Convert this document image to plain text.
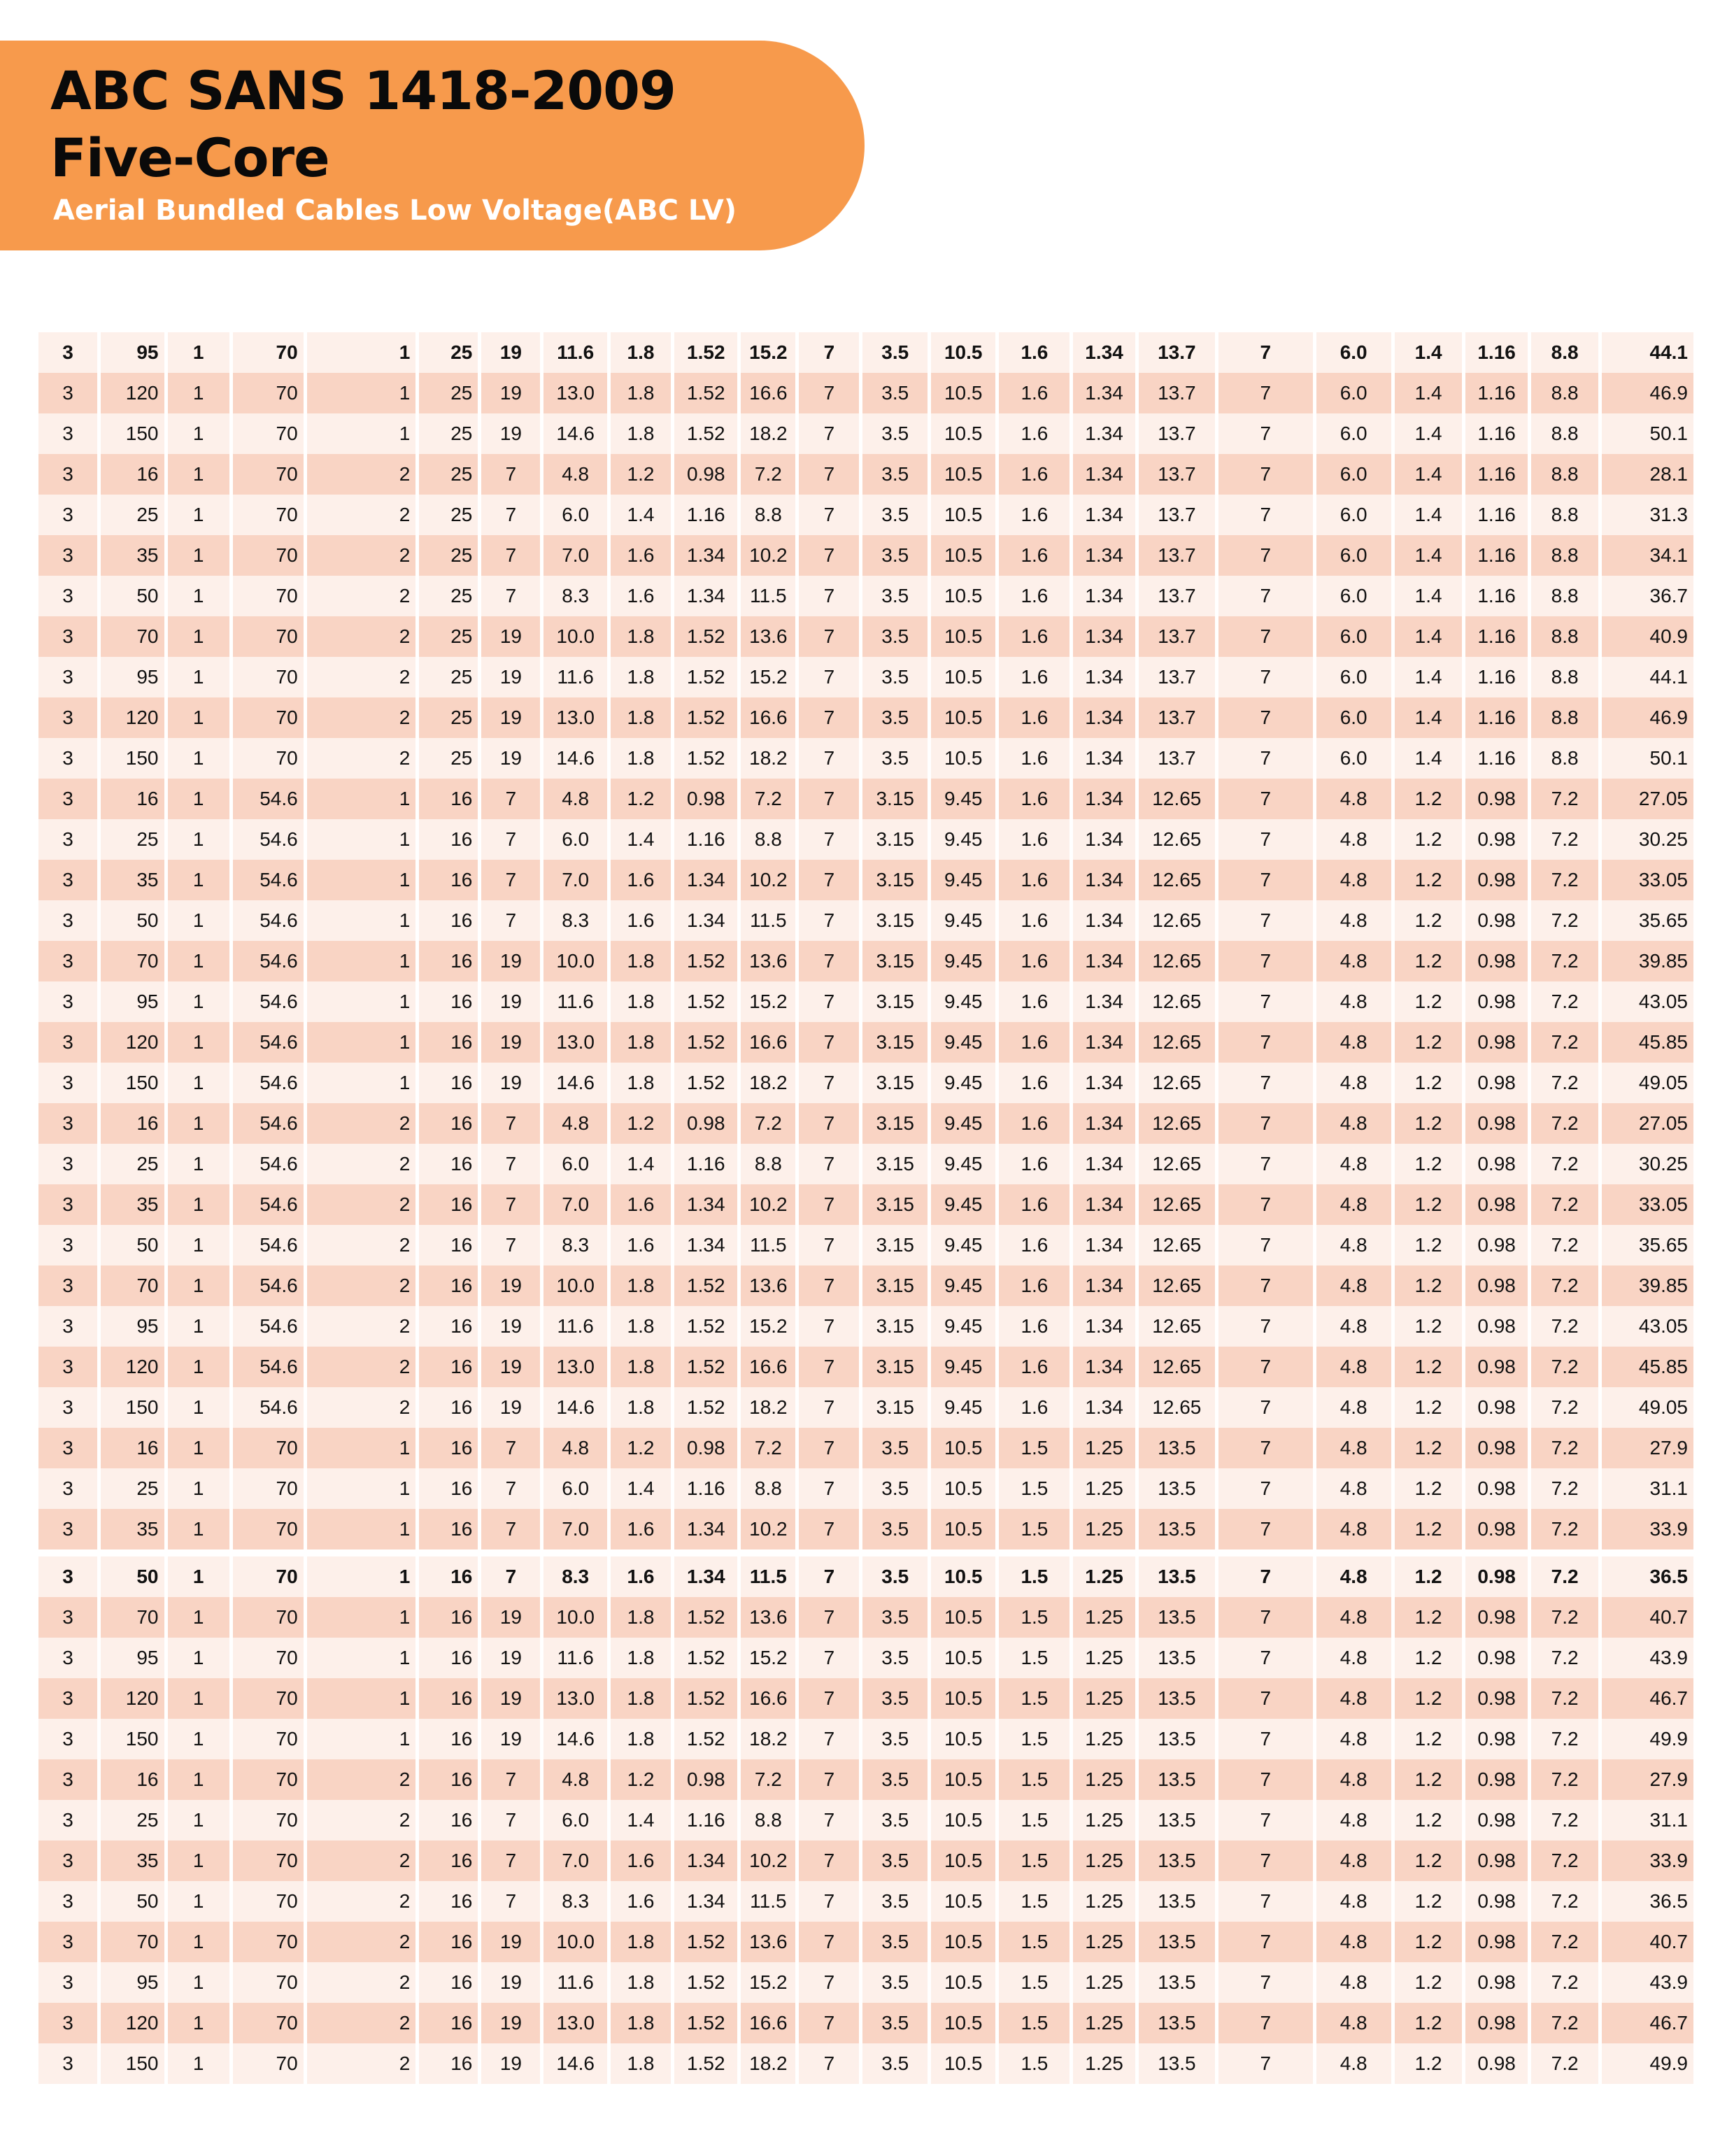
ABC SANS 1418-2009
Five-Core
Aerial Bundled Cables Low Voltage(ABC LV)
3	95	1	70	1	25	19	11.6	1.8	1.52	15.2	7	3.5	10.5	1.6	1.34	13.7	7	6.0	1.4	1.16	8.8	44.1
3	120	1	70	1	25	19	13.0	1.8	1.52	16.6	7	3.5	10.5	1.6	1.34	13.7	7	6.0	1.4	1.16	8.8	46.9
3	150	1	70	1	25	19	14.6	1.8	1.52	18.2	7	3.5	10.5	1.6	1.34	13.7	7	6.0	1.4	1.16	8.8	50.1
3	16	1	70	2	25	7	4.8	1.2	0.98	7.2	7	3.5	10.5	1.6	1.34	13.7	7	6.0	1.4	1.16	8.8	28.1
3	25	1	70	2	25	7	6.0	1.4	1.16	8.8	7	3.5	10.5	1.6	1.34	13.7	7	6.0	1.4	1.16	8.8	31.3
3	35	1	70	2	25	7	7.0	1.6	1.34	10.2	7	3.5	10.5	1.6	1.34	13.7	7	6.0	1.4	1.16	8.8	34.1
3	50	1	70	2	25	7	8.3	1.6	1.34	11.5	7	3.5	10.5	1.6	1.34	13.7	7	6.0	1.4	1.16	8.8	36.7
3	70	1	70	2	25	19	10.0	1.8	1.52	13.6	7	3.5	10.5	1.6	1.34	13.7	7	6.0	1.4	1.16	8.8	40.9
3	95	1	70	2	25	19	11.6	1.8	1.52	15.2	7	3.5	10.5	1.6	1.34	13.7	7	6.0	1.4	1.16	8.8	44.1
3	120	1	70	2	25	19	13.0	1.8	1.52	16.6	7	3.5	10.5	1.6	1.34	13.7	7	6.0	1.4	1.16	8.8	46.9
3	150	1	70	2	25	19	14.6	1.8	1.52	18.2	7	3.5	10.5	1.6	1.34	13.7	7	6.0	1.4	1.16	8.8	50.1
3	16	1	54.6	1	16	7	4.8	1.2	0.98	7.2	7	3.15	9.45	1.6	1.34	12.65	7	4.8	1.2	0.98	7.2	27.05
3	25	1	54.6	1	16	7	6.0	1.4	1.16	8.8	7	3.15	9.45	1.6	1.34	12.65	7	4.8	1.2	0.98	7.2	30.25
3	35	1	54.6	1	16	7	7.0	1.6	1.34	10.2	7	3.15	9.45	1.6	1.34	12.65	7	4.8	1.2	0.98	7.2	33.05
3	50	1	54.6	1	16	7	8.3	1.6	1.34	11.5	7	3.15	9.45	1.6	1.34	12.65	7	4.8	1.2	0.98	7.2	35.65
3	70	1	54.6	1	16	19	10.0	1.8	1.52	13.6	7	3.15	9.45	1.6	1.34	12.65	7	4.8	1.2	0.98	7.2	39.85
3	95	1	54.6	1	16	19	11.6	1.8	1.52	15.2	7	3.15	9.45	1.6	1.34	12.65	7	4.8	1.2	0.98	7.2	43.05
3	120	1	54.6	1	16	19	13.0	1.8	1.52	16.6	7	3.15	9.45	1.6	1.34	12.65	7	4.8	1.2	0.98	7.2	45.85
3	150	1	54.6	1	16	19	14.6	1.8	1.52	18.2	7	3.15	9.45	1.6	1.34	12.65	7	4.8	1.2	0.98	7.2	49.05
3	16	1	54.6	2	16	7	4.8	1.2	0.98	7.2	7	3.15	9.45	1.6	1.34	12.65	7	4.8	1.2	0.98	7.2	27.05
3	25	1	54.6	2	16	7	6.0	1.4	1.16	8.8	7	3.15	9.45	1.6	1.34	12.65	7	4.8	1.2	0.98	7.2	30.25
3	35	1	54.6	2	16	7	7.0	1.6	1.34	10.2	7	3.15	9.45	1.6	1.34	12.65	7	4.8	1.2	0.98	7.2	33.05
3	50	1	54.6	2	16	7	8.3	1.6	1.34	11.5	7	3.15	9.45	1.6	1.34	12.65	7	4.8	1.2	0.98	7.2	35.65
3	70	1	54.6	2	16	19	10.0	1.8	1.52	13.6	7	3.15	9.45	1.6	1.34	12.65	7	4.8	1.2	0.98	7.2	39.85
3	95	1	54.6	2	16	19	11.6	1.8	1.52	15.2	7	3.15	9.45	1.6	1.34	12.65	7	4.8	1.2	0.98	7.2	43.05
3	120	1	54.6	2	16	19	13.0	1.8	1.52	16.6	7	3.15	9.45	1.6	1.34	12.65	7	4.8	1.2	0.98	7.2	45.85
3	150	1	54.6	2	16	19	14.6	1.8	1.52	18.2	7	3.15	9.45	1.6	1.34	12.65	7	4.8	1.2	0.98	7.2	49.05
3	16	1	70	1	16	7	4.8	1.2	0.98	7.2	7	3.5	10.5	1.5	1.25	13.5	7	4.8	1.2	0.98	7.2	27.9
3	25	1	70	1	16	7	6.0	1.4	1.16	8.8	7	3.5	10.5	1.5	1.25	13.5	7	4.8	1.2	0.98	7.2	31.1
3	35	1	70	1	16	7	7.0	1.6	1.34	10.2	7	3.5	10.5	1.5	1.25	13.5	7	4.8	1.2	0.98	7.2	33.9
3	50	1	70	1	16	7	8.3	1.6	1.34	11.5	7	3.5	10.5	1.5	1.25	13.5	7	4.8	1.2	0.98	7.2	36.5
3	70	1	70	1	16	19	10.0	1.8	1.52	13.6	7	3.5	10.5	1.5	1.25	13.5	7	4.8	1.2	0.98	7.2	40.7
3	95	1	70	1	16	19	11.6	1.8	1.52	15.2	7	3.5	10.5	1.5	1.25	13.5	7	4.8	1.2	0.98	7.2	43.9
3	120	1	70	1	16	19	13.0	1.8	1.52	16.6	7	3.5	10.5	1.5	1.25	13.5	7	4.8	1.2	0.98	7.2	46.7
3	150	1	70	1	16	19	14.6	1.8	1.52	18.2	7	3.5	10.5	1.5	1.25	13.5	7	4.8	1.2	0.98	7.2	49.9
3	16	1	70	2	16	7	4.8	1.2	0.98	7.2	7	3.5	10.5	1.5	1.25	13.5	7	4.8	1.2	0.98	7.2	27.9
3	25	1	70	2	16	7	6.0	1.4	1.16	8.8	7	3.5	10.5	1.5	1.25	13.5	7	4.8	1.2	0.98	7.2	31.1
3	35	1	70	2	16	7	7.0	1.6	1.34	10.2	7	3.5	10.5	1.5	1.25	13.5	7	4.8	1.2	0.98	7.2	33.9
3	50	1	70	2	16	7	8.3	1.6	1.34	11.5	7	3.5	10.5	1.5	1.25	13.5	7	4.8	1.2	0.98	7.2	36.5
3	70	1	70	2	16	19	10.0	1.8	1.52	13.6	7	3.5	10.5	1.5	1.25	13.5	7	4.8	1.2	0.98	7.2	40.7
3	95	1	70	2	16	19	11.6	1.8	1.52	15.2	7	3.5	10.5	1.5	1.25	13.5	7	4.8	1.2	0.98	7.2	43.9
3	120	1	70	2	16	19	13.0	1.8	1.52	16.6	7	3.5	10.5	1.5	1.25	13.5	7	4.8	1.2	0.98	7.2	46.7
3	150	1	70	2	16	19	14.6	1.8	1.52	18.2	7	3.5	10.5	1.5	1.25	13.5	7	4.8	1.2	0.98	7.2	49.9
